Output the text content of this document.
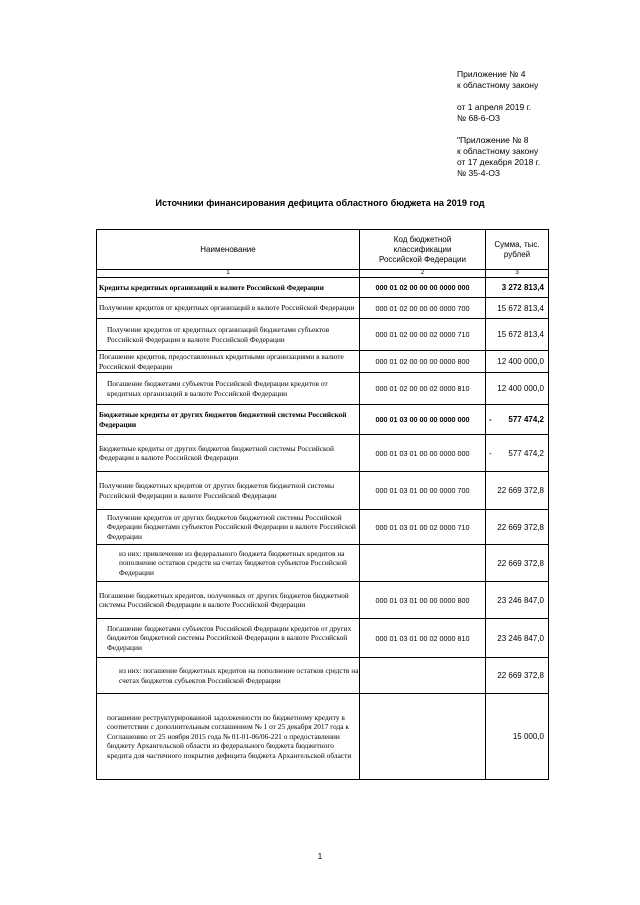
Приложение № 4
к областному закону
от 1 апреля 2019 г.
№ 68-6-ОЗ
"Приложение № 8
к областному закону
от 17 декабря 2018 г.
№ 35-4-ОЗ
Источники финансирования дефицита областного бюджета на 2019 год
Наименование	Код бюджетной классификации Российской Федерации	Сумма, тыс. рублей
1	2	3
Кредиты кредитных организаций в валюте Российской Федерации	000 01 02 00 00 00 0000 000	3 272 813,4
Получение кредитов от кредитных организаций в валюте Российской Федерации	000 01 02 00 00 00 0000 700	15 672 813,4
Получение кредитов от кредитных организаций бюджетами субъектов Российской Федерации в валюте Российской Федерации	000 01 02 00 00 02 0000 710	15 672 813,4
Погашение кредитов, предоставленных кредитными организациями в валюте Российской Федерации	000 01 02 00 00 00 0000 800	12 400 000,0
Погашение бюджетами субъектов Российской Федерации кредитов от кредитных организаций в валюте Российской Федерации	000 01 02 00 00 02 0000 810	12 400 000,0
Бюджетные кредиты от других бюджетов бюджетной системы Российской Федерации	000 01 03 00 00 00 0000 000	- 577 474,2
Бюджетные кредиты от других бюджетов бюджетной системы Российской Федерации в валюте Российской Федерации	000 01 03 01 00 00 0000 000	- 577 474,2
Получение бюджетных кредитов от других бюджетов бюджетной системы Российской Федерации в валюте Российской Федерации	000 01 03 01 00 00 0000 700	22 669 372,8
Получение кредитов от других бюджетов бюджетной системы Российской Федерации бюджетами субъектов Российской Федерации в валюте Российской Федерации	000 01 03 01 00 02 0000 710	22 669 372,8
из них: привлечение из федерального бюджета бюджетных кредитов на пополнение остатков средств на счетах бюджетов субъектов Российской Федерации		22 669 372,8
Погашение бюджетных кредитов, полученных от других бюджетов бюджетной системы Российской Федерации в валюте Российской Федерации	000 01 03 01 00 00 0000 800	23 246 847,0
Погашение бюджетами субъектов Российской Федерации кредитов от других бюджетов бюджетной системы Российской Федерации в валюте Российской Федерации	000 01 03 01 00 02 0000 810	23 246 847,0
из них: погашение бюджетных кредитов на пополнение остатков средств на счетах бюджетов субъектов Российской Федерации		22 669 372,8
погашение реструктурированной задолженности по бюджетному кредиту в соответствии с дополнительным соглашением № 1 от 25 декабря 2017 года к Соглашению от 25 ноября 2015 года № 01-01-06/06-221 о предоставлении бюджету Архангельской области из федерального бюджета бюджетного кредита для частичного покрытия дефицита бюджета Архангельской области		15 000,0
1
